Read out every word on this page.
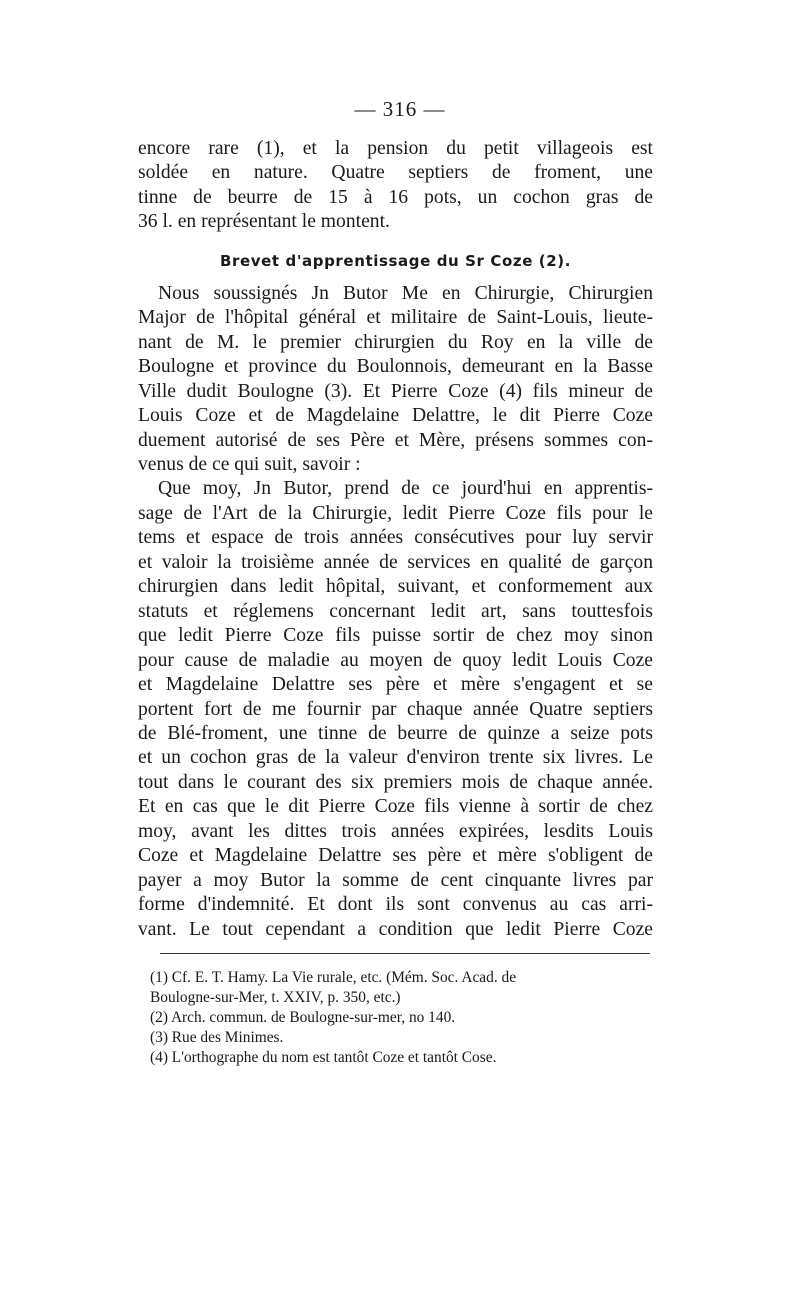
— 316 —
encore rare (1), et la pension du petit villageois est
soldée en nature. Quatre septiers de froment, une
tinne de beurre de 15 à 16 pots, un cochon gras de
36 l. en représentant le montent.
Brevet d'apprentissage du Sr Coze (2).
Nous soussignés Jn Butor Me en Chirurgie, Chirurgien
Major de l'hôpital général et militaire de Saint-Louis, lieute-
nant de M. le premier chirurgien du Roy en la ville de
Boulogne et province du Boulonnois, demeurant en la Basse
Ville dudit Boulogne (3). Et Pierre Coze (4) fils mineur de
Louis Coze et de Magdelaine Delattre, le dit Pierre Coze
duement autorisé de ses Père et Mère, présens sommes con-
venus de ce qui suit, savoir :
Que moy, Jn Butor, prend de ce jourd'hui en apprentis-
sage de l'Art de la Chirurgie, ledit Pierre Coze fils pour le
tems et espace de trois années consécutives pour luy servir
et valoir la troisième année de services en qualité de garçon
chirurgien dans ledit hôpital, suivant, et conformement aux
statuts et réglemens concernant ledit art, sans touttesfois
que ledit Pierre Coze fils puisse sortir de chez moy sinon
pour cause de maladie au moyen de quoy ledit Louis Coze
et Magdelaine Delattre ses père et mère s'engagent et se
portent fort de me fournir par chaque année Quatre septiers
de Blé-froment, une tinne de beurre de quinze a seize pots
et un cochon gras de la valeur d'environ trente six livres. Le
tout dans le courant des six premiers mois de chaque année.
Et en cas que le dit Pierre Coze fils vienne à sortir de chez
moy, avant les dittes trois années expirées, lesdits Louis
Coze et Magdelaine Delattre ses père et mère s'obligent de
payer a moy Butor la somme de cent cinquante livres par
forme d'indemnité. Et dont ils sont convenus au cas arri-
vant. Le tout cependant a condition que ledit Pierre Coze
(1) Cf. E. T. Hamy. La Vie rurale, etc. (Mém. Soc. Acad. de
Boulogne-sur-Mer, t. XXIV, p. 350, etc.)
(2) Arch. commun. de Boulogne-sur-mer, no 140.
(3) Rue des Minimes.
(4) L'orthographe du nom est tantôt Coze et tantôt Cose.
